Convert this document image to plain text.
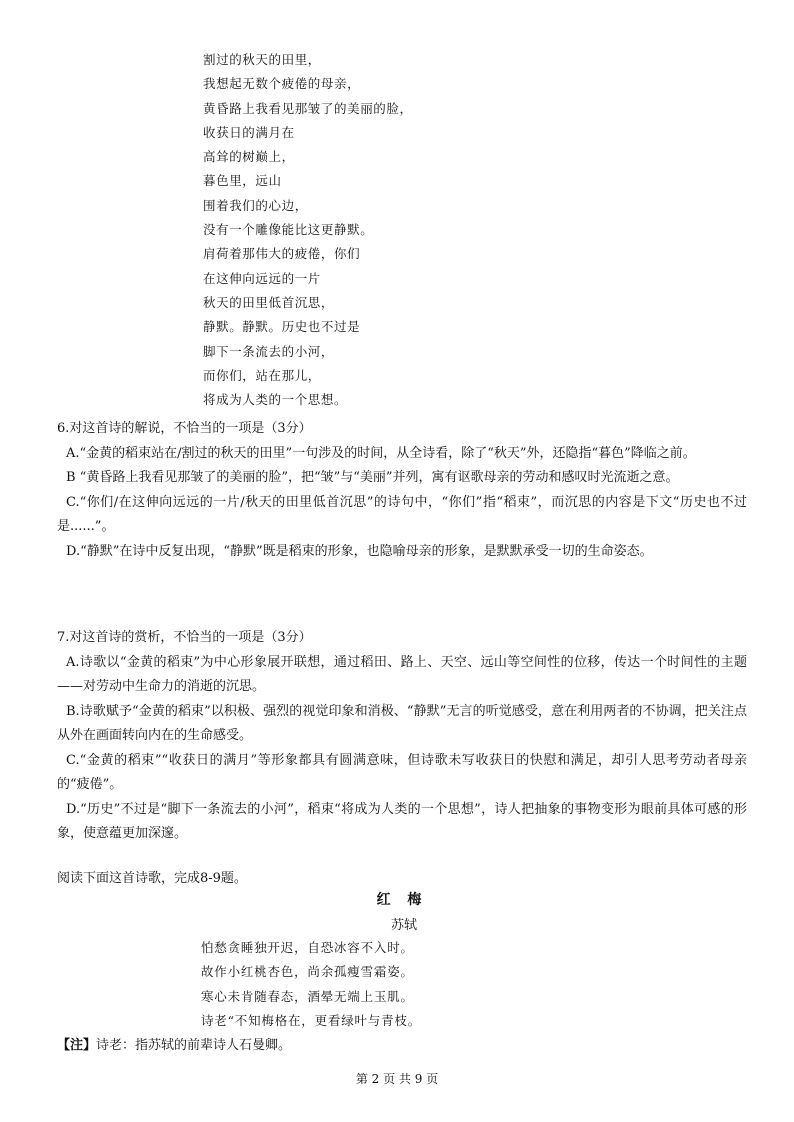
割过的秋天的田里，
我想起无数个疲倦的母亲，
黄昏路上我看见那皱了的美丽的脸，
收获日的满月在
高耸的树巅上，
暮色里，远山
围着我们的心边，
没有一个雕像能比这更静默。
肩荷着那伟大的疲倦，你们
在这伸向远远的一片
秋天的田里低首沉思，
静默。静默。历史也不过是
脚下一条流去的小河，
而你们，站在那儿，
将成为人类的一个思想。
6.对这首诗的解说，不恰当的一项是（3分）
A.“金黄的稻束站在/割过的秋天的田里”一句涉及的时间，从全诗看，除了“秋天”外，还隐指“暮色”降临之前。
B “黄昏路上我看见那皱了的美丽的脸”，把“皱”与“美丽”并列，寓有讴歌母亲的劳动和感叹时光流逝之意。
C.“你们/在这伸向远远的一片/秋天的田里低首沉思”的诗句中，“你们”指“稻束”，而沉思的内容是下文“历史也不过是......”。
D.“静默”在诗中反复出现，“静默”既是稻束的形象，也隐喻母亲的形象，是默默承受一切的生命姿态。
7.对这首诗的赏析，不恰当的一项是（3分）
A.诗歌以“金黄的稻束”为中心形象展开联想，通过稻田、路上、天空、远山等空间性的位移，传达一个时间性的主题——对劳动中生命力的消逝的沉思。
B.诗歌赋予“金黄的稻束”以积极、强烈的视觉印象和消极、“静默”无言的听觉感受，意在利用两者的不协调，把关注点从外在画面转向内在的生命感受。
C.“金黄的稻束”“收获日的满月”等形象都具有圆满意味，但诗歌未写收获日的快慰和满足，却引人思考劳动者母亲的“疲倦”。
D.“历史”不过是“脚下一条流去的小河”，稻束“将成为人类的一个思想”，诗人把抽象的事物变形为眼前具体可感的形象，使意蕴更加深邃。
阅读下面这首诗歌，完成8-9题。
红 梅
苏轼
怕愁贪睡独开迟，自恐冰容不入时。
故作小红桃杏色，尚余孤瘦雪霜姿。
寒心未肯随春态，酒晕无端上玉肌。
诗老“不知梅格在，更看绿叶与青枝。
【注】诗老：指苏轼的前辈诗人石曼卿。
第 2 页 共 9 页
